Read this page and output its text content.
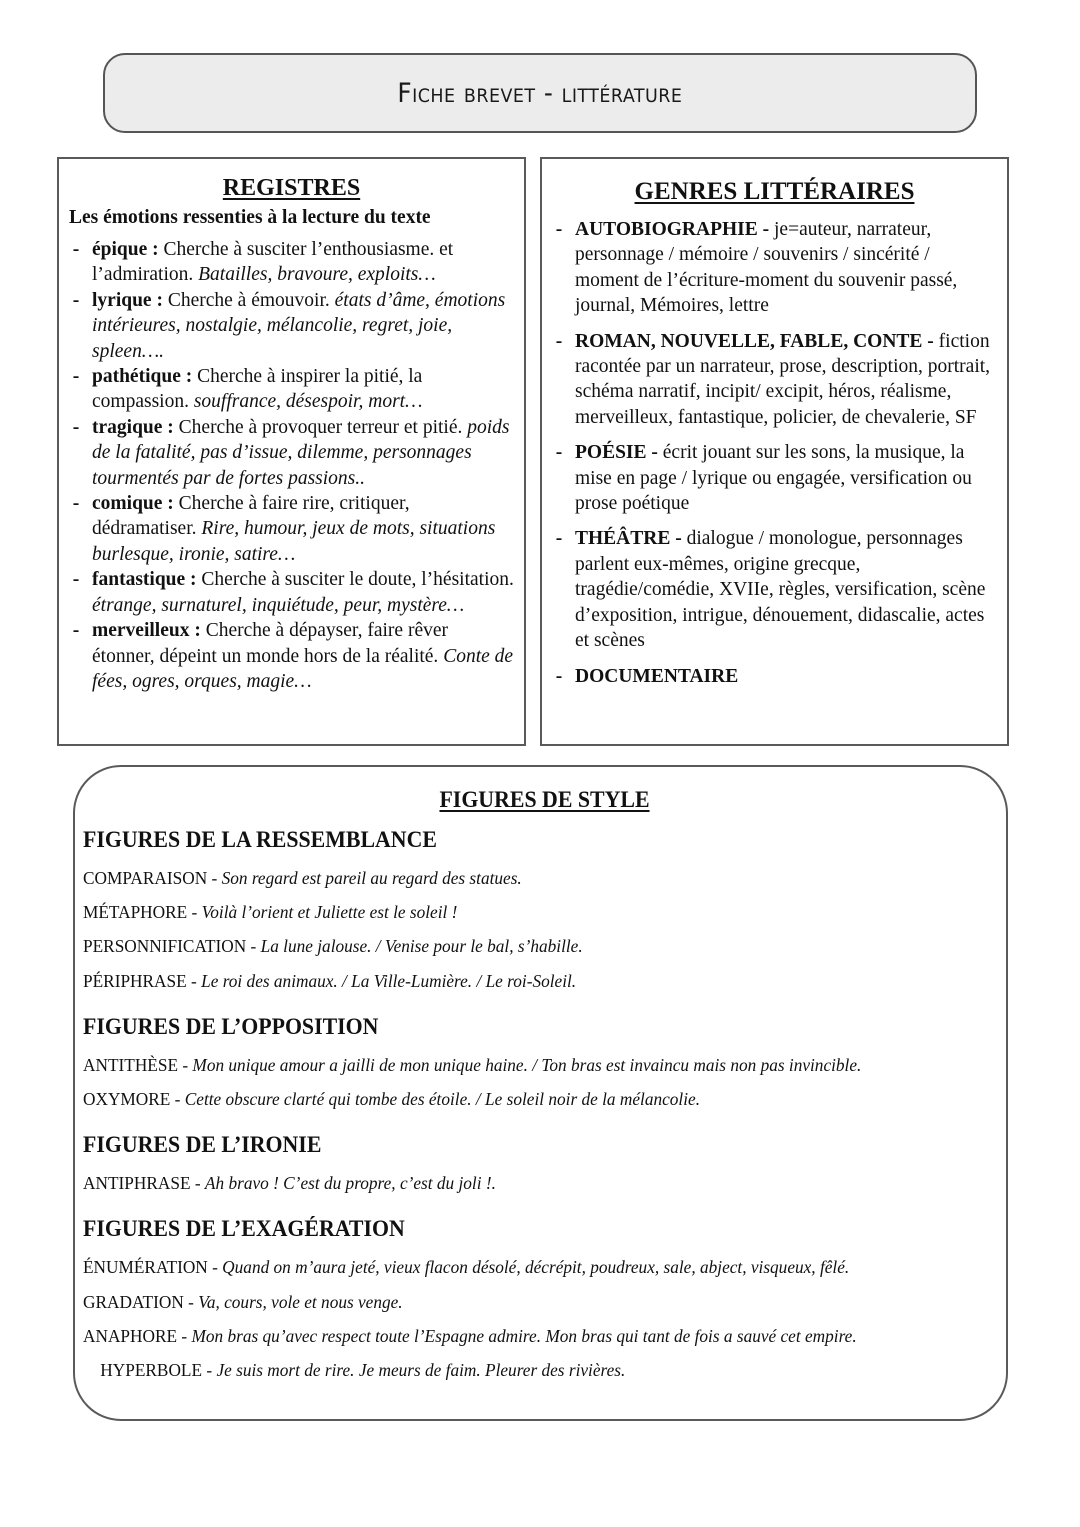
Fiche brevet - littérature
REGISTRES
Les émotions ressenties à la lecture du texte
- épique : Cherche à susciter l’enthousiasme. et l’admiration. Batailles, bravoure, exploits…
- lyrique : Cherche à émouvoir. états d’âme, émotions intérieures, nostalgie, mélancolie, regret, joie, spleen….
- pathétique : Cherche à inspirer la pitié, la compassion. souffrance, désespoir, mort…
- tragique : Cherche à provoquer terreur et pitié. poids de la fatalité, pas d’issue, dilemme, personnages tourmentés par de fortes passions..
- comique : Cherche à faire rire, critiquer, dédramatiser. Rire, humour, jeux de mots, situations burlesque, ironie, satire…
- fantastique : Cherche à susciter le doute, l’hésitation. étrange, surnaturel, inquiétude, peur, mystère…
- merveilleux : Cherche à dépayser, faire rêver étonner, dépeint un monde hors de la réalité. Conte de fées, ogres, orques, magie…
GENRES LITTÉRAIRES
- AUTOBIOGRAPHIE - je=auteur, narrateur, personnage / mémoire / souvenirs / sincérité / moment de l’écriture-moment du souvenir passé, journal, Mémoires, lettre
- ROMAN, NOUVELLE, FABLE, CONTE - fiction racontée par un narrateur, prose, description, portrait, schéma narratif, incipit/ excipit, héros, réalisme, merveilleux, fantastique, policier, de chevalerie, SF
- POÉSIE - écrit jouant sur les sons, la musique, la mise en page / lyrique ou engagée, versification ou prose poétique
- THÉÂTRE - dialogue / monologue, personnages parlent eux-mêmes, origine grecque, tragédie/comédie, XVIIe, règles, versification, scène d’exposition, intrigue, dénouement, didascalie, actes et scènes
- DOCUMENTAIRE
FIGURES DE STYLE
FIGURES DE LA RESSEMBLANCE
COMPARAISON - Son regard est pareil au regard des statues.
MÉTAPHORE - Voilà l’orient et Juliette est le soleil !
PERSONNIFICATION - La lune jalouse. / Venise pour le bal, s’habille.
PÉRIPHRASE - Le roi des animaux. / La Ville-Lumière. / Le roi-Soleil.
FIGURES DE L’OPPOSITION
ANTITHÈSE - Mon unique amour a jailli de mon unique haine. / Ton bras est invaincu mais non pas invincible.
OXYMORE - Cette obscure clarté qui tombe des étoile. / Le soleil noir de la mélancolie.
FIGURES DE L’IRONIE
ANTIPHRASE - Ah bravo ! C’est du propre, c’est du joli !.
FIGURES DE L’EXAGÉRATION
ÉNUMÉRATION - Quand on m’aura jeté, vieux flacon désolé, décrépit, poudreux, sale, abject, visqueux, fêlé.
GRADATION - Va, cours, vole et nous venge.
ANAPHORE - Mon bras qu’avec respect toute l’Espagne admire. Mon bras qui tant de fois a sauvé cet empire.
HYPERBOLE - Je suis mort de rire. Je meurs de faim. Pleurer des rivières.
